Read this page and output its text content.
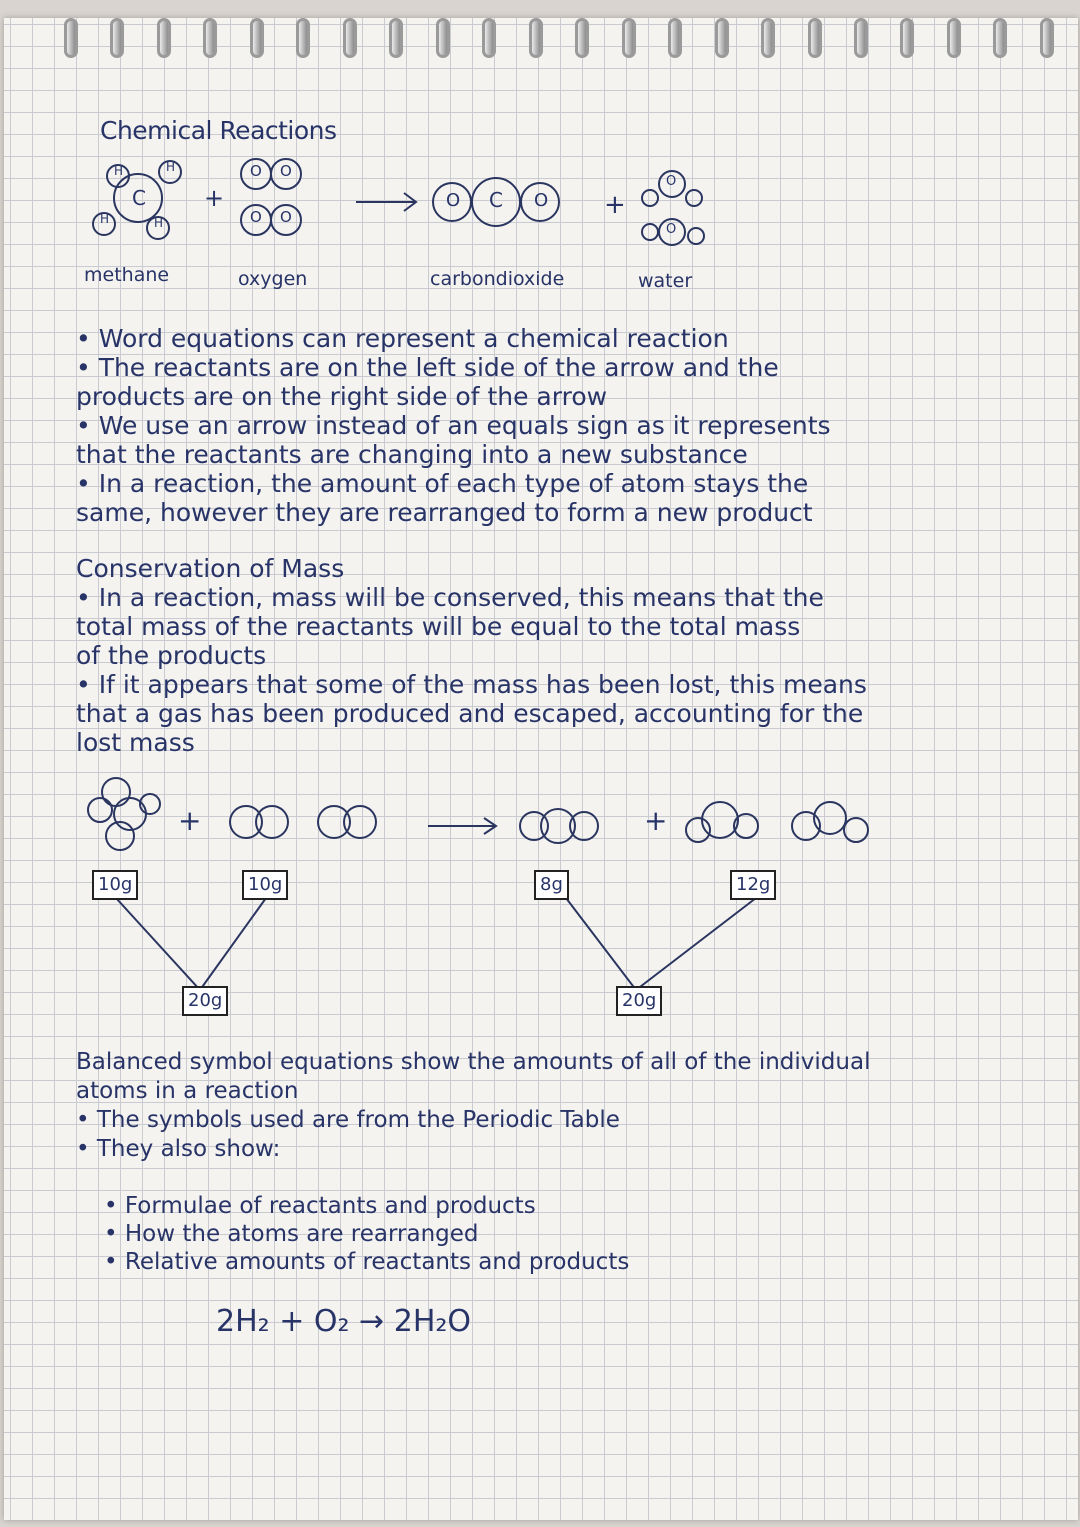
Chemical Reactions
H	H
H	H
C
O O
O O
+	O C O +
O
O
methane	oxygen	carbondioxide	water
• Word equations can represent a chemical reaction
• The reactants are on the left side of the arrow and the
products are on the right side of the arrow
• We use an arrow instead of an equals sign as it represents
that the reactants are changing into a new substance
• In a reaction, the amount of each type of atom stays the
same, however they are rearranged to form a new product
Conservation of Mass
• In a reaction, mass will be conserved, this means that the
total mass of the reactants will be equal to the total mass
of the products
• If it appears that some of the mass has been lost, this means
that a gas has been produced and escaped, accounting for the
lost mass
+	+
10g	10g	8g	12g
20g	20g
Balanced symbol equations show the amounts of all of the individual
atoms in a reaction
• The symbols used are from the Periodic Table
• They also show:
• Formulae of reactants and products
• How the atoms are rearranged
• Relative amounts of reactants and products
2H₂ + O₂ → 2H₂O
